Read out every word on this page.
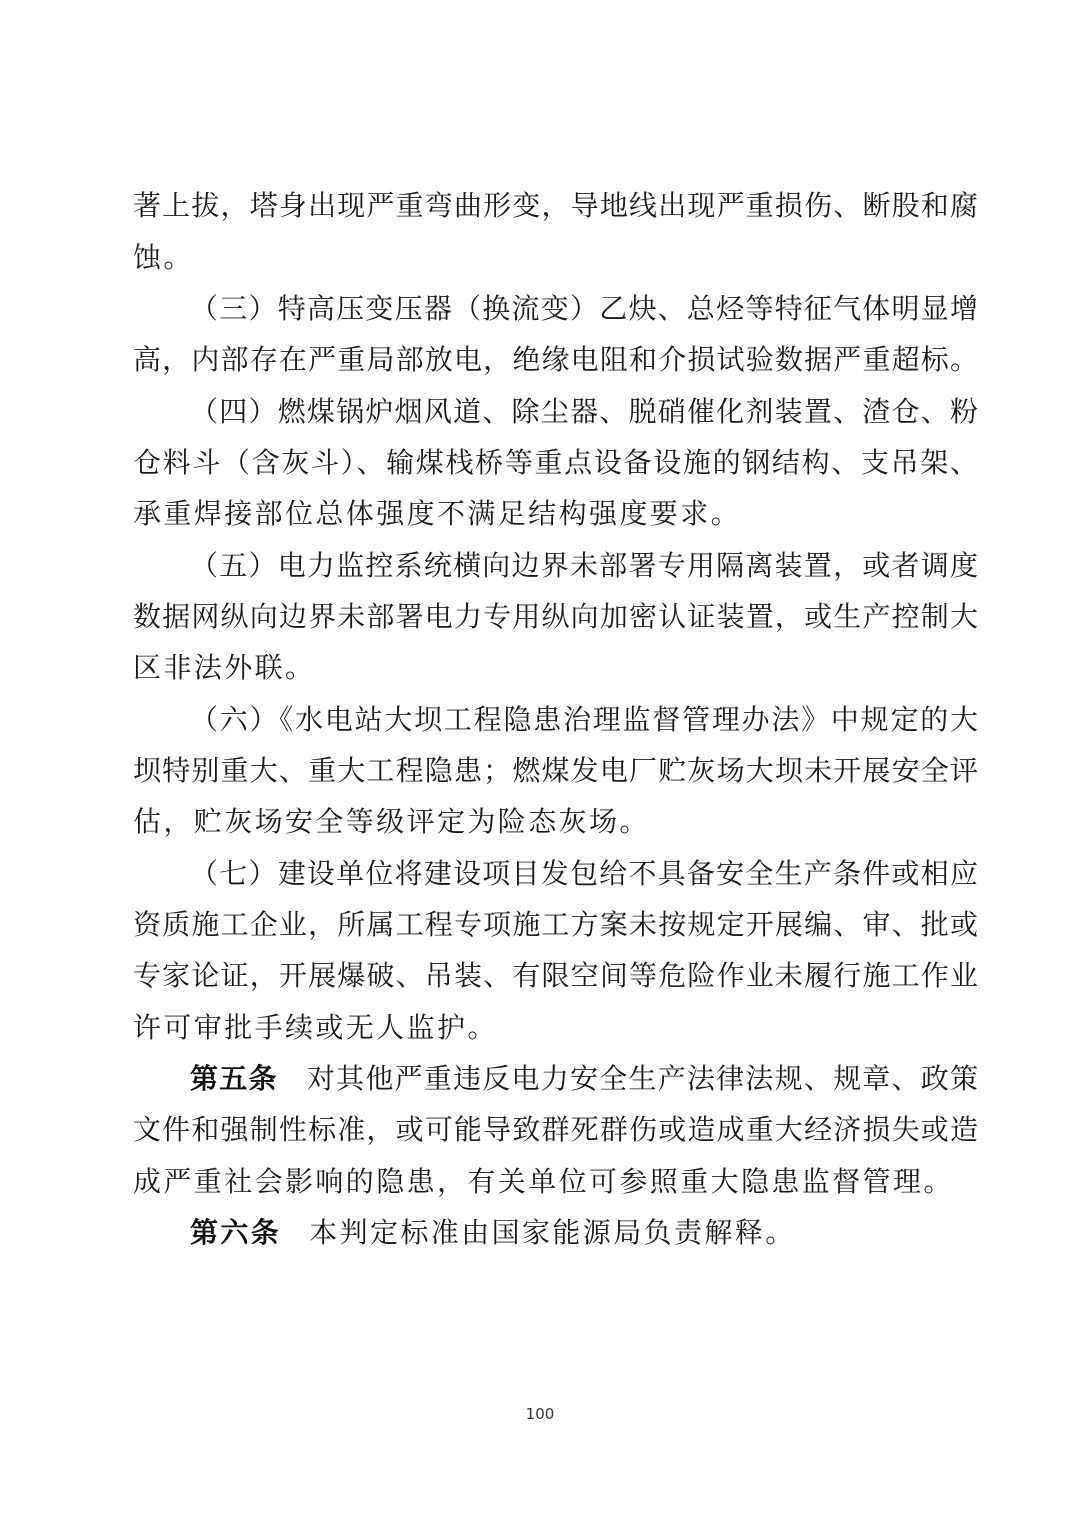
著上拔，塔身出现严重弯曲形变，导地线出现严重损伤、断股和腐
蚀。
（三）特高压变压器（换流变）乙炔、总烃等特征气体明显增
高，内部存在严重局部放电，绝缘电阻和介损试验数据严重超标。
（四）燃煤锅炉烟风道、除尘器、脱硝催化剂装置、渣仓、粉
仓料斗（含灰斗）、输煤栈桥等重点设备设施的钢结构、支吊架、
承重焊接部位总体强度不满足结构强度要求。
（五）电力监控系统横向边界未部署专用隔离装置，或者调度
数据网纵向边界未部署电力专用纵向加密认证装置，或生产控制大
区非法外联。
（六）《水电站大坝工程隐患治理监督管理办法》中规定的大
坝特别重大、重大工程隐患；燃煤发电厂贮灰场大坝未开展安全评
估，贮灰场安全等级评定为险态灰场。
（七）建设单位将建设项目发包给不具备安全生产条件或相应
资质施工企业，所属工程专项施工方案未按规定开展编、审、批或
专家论证，开展爆破、吊装、有限空间等危险作业未履行施工作业
许可审批手续或无人监护。
第五条 对其他严重违反电力安全生产法律法规、规章、政策
文件和强制性标准，或可能导致群死群伤或造成重大经济损失或造
成严重社会影响的隐患，有关单位可参照重大隐患监督管理。
第六条 本判定标准由国家能源局负责解释。
100
